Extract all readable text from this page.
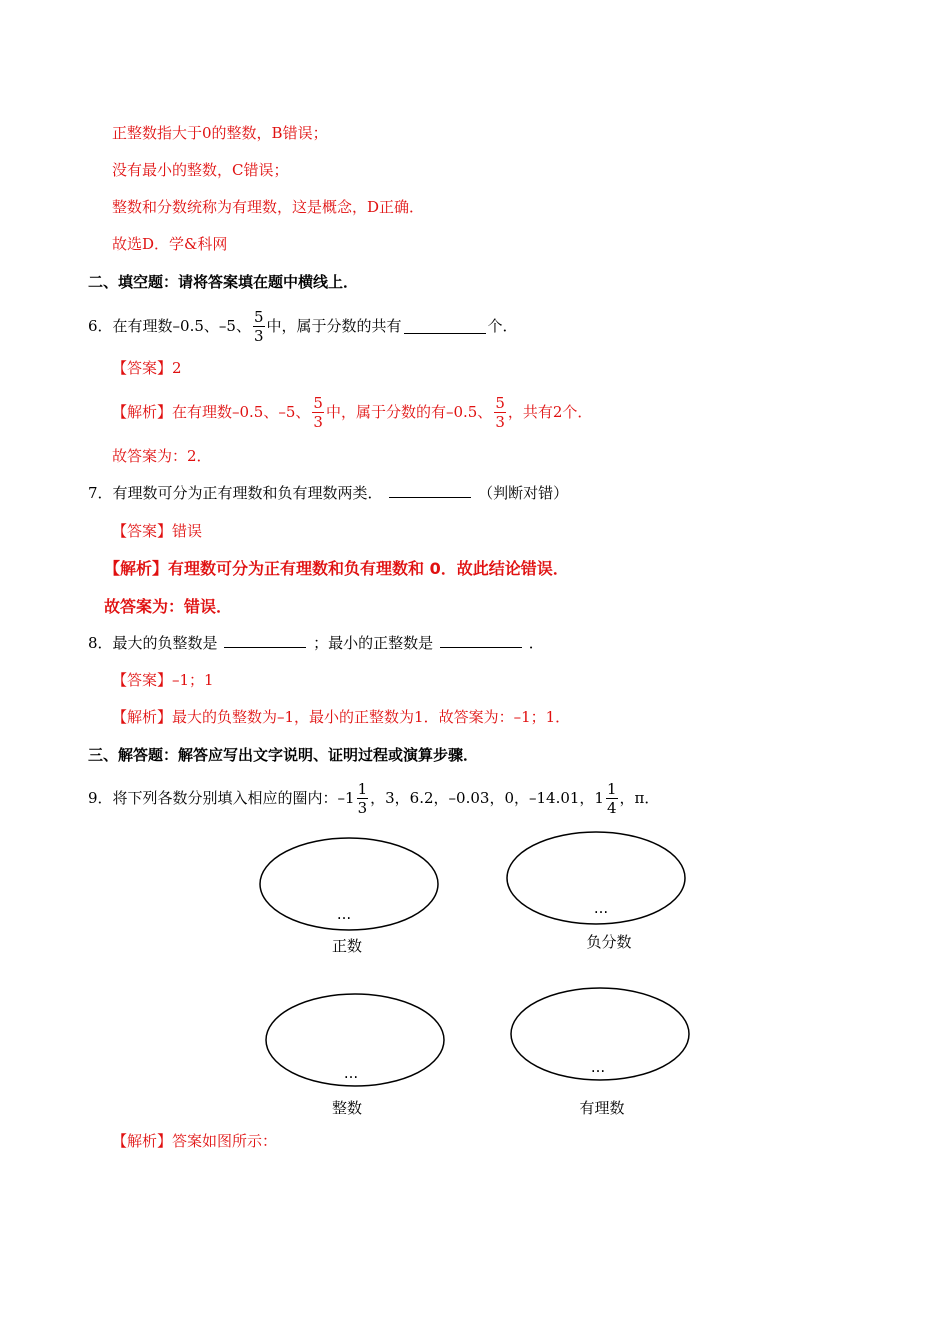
正整数指大于0的整数，B错误；
没有最小的整数，C错误；
整数和分数统称为有理数，这是概念，D正确．
故选D．学&科网
二、填空题：请将答案填在题中横线上．
6．在有理数–0.5、–5、 $\frac{5}{3}$ 中，属于分数的共有	个．
【答案】2
【解析】在有理数–0.5、–5、 $\frac{5}{3}$ 中，属于分数的有–0.5、 $\frac{5}{3}$ ，共有2个．
故答案为：2．
7．有理数可分为正有理数和负有理数两类．	（判断对错）
【答案】错误
【解析】有理数可分为正有理数和负有理数和 0．故此结论错误．
故答案为：错误．
8．最大的负整数是	；最小的正整数是	．
【答案】–1；1
【解析】最大的负整数为–1，最小的正整数为1．故答案为：–1；1．
三、解答题：解答应写出文字说明、证明过程或演算步骤．
9．将下列各数分别填入相应的圈内：$-1 \frac{1}{3}$ ，3，6.2，–0.03，0，–14.01，$1 \frac{1}{4}$ ，π．
...
正数
...
负分数
...
整数
...
有理数
【解析】答案如图所示：
